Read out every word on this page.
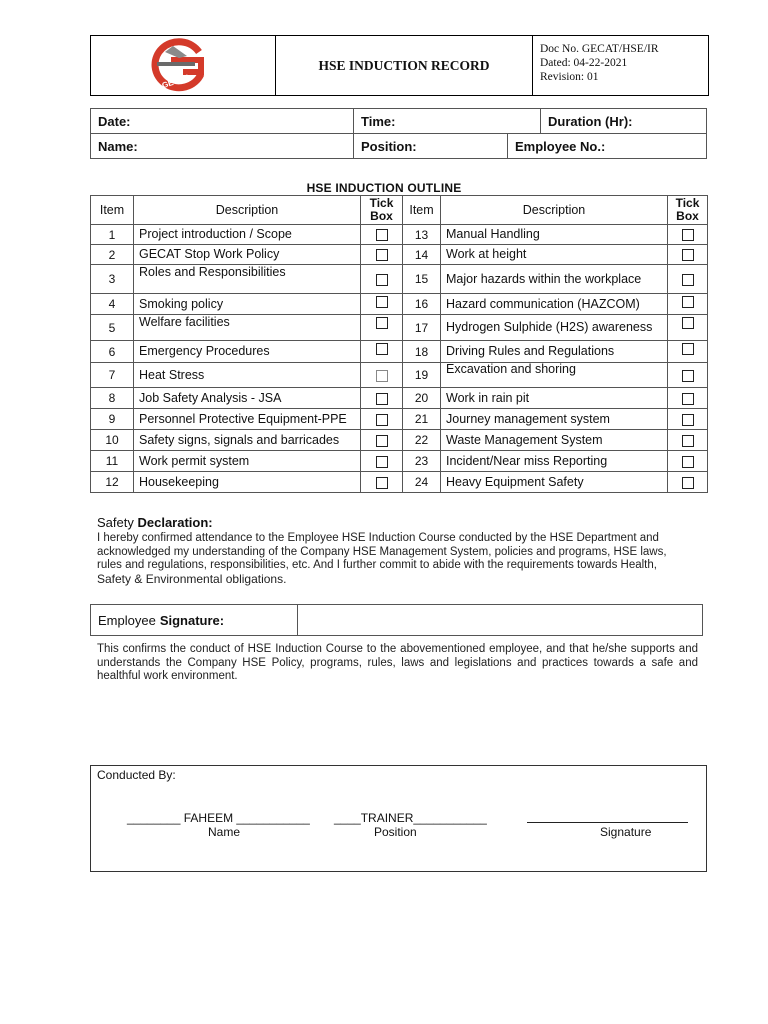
GECAT
HSE INDUCTION RECORD
Doc No. GECAT/HSE/IR
Dated: 04-22-2021
Revision: 01
Date:	Time:		Duration (Hr):
Name:	Position:	Employee No.:	
HSE INDUCTION OUTLINE
Item	Description	Tick Box	Item	Description	Tick Box
1	Project introduction / Scope		13	Manual Handling	
2	GECAT Stop Work Policy		14	Work at height	
3	Roles and Responsibilities		15	Major hazards within the workplace	
4	Smoking policy		16	Hazard communication (HAZCOM)	
5	Welfare facilities		17	Hydrogen Sulphide (H2S) awareness	
6	Emergency Procedures		18	Driving Rules and Regulations	
7	Heat Stress		19	Excavation and shoring	
8	Job Safety Analysis - JSA		20	Work in rain pit	
9	Personnel Protective Equipment-PPE		21	Journey management system	
10	Safety signs, signals and barricades		22	Waste Management System	
11	Work permit system		23	Incident/Near miss Reporting	
12	Housekeeping		24	Heavy Equipment Safety	
Safety Declaration:
I hereby confirmed attendance to the Employee HSE Induction Course conducted by the HSE Department and
acknowledged my understanding of the Company HSE Management System, policies and programs, HSE laws,
rules and regulations, responsibilities, etc. And I further commit to abide with the requirements towards Health,
Safety & Environmental obligations.
Employee Signature:
This confirms the conduct of HSE Induction Course to the abovementioned employee, and that he/she supports and understands the Company HSE Policy, programs, rules, laws and legislations and practices towards a safe and healthful work environment.
Conducted By:
________ FAHEEM ___________ ____TRAINER___________
Name	Position	Signature
